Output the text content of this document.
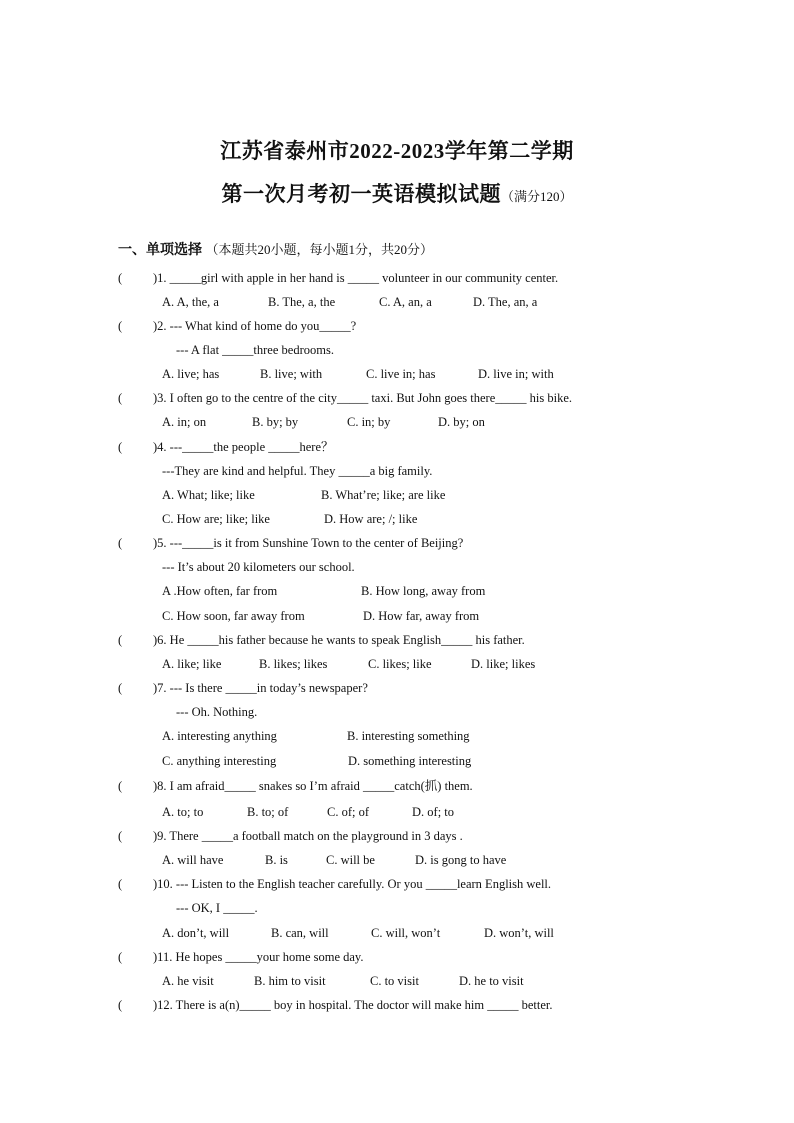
江苏省泰州市2022-2023学年第二学期
第一次月考初一英语模拟试题（满分120）
一、单项选择 （本题共20小题，每小题1分，共20分）
( )1. _____girl with apple in her hand is _____ volunteer in our community center.
A. A, the, a	B. The, a, the	C. A, an, a	D. The, an, a
( )2. --- What kind of home do you_____?
--- A flat _____three bedrooms.
A. live; has	B. live; with	C. live in; has	D. live in; with
( )3. I often go to the centre of the city_____ taxi. But John goes there_____ his bike.
A. in; on	B. by; by	C. in; by	D. by; on
( )4. ---_____the people _____here？
---They are kind and helpful. They _____a big family.
A. What; like; like	B. What’re; like; are like
C. How are; like; like	D. How are; /; like
( )5. ---_____is it from Sunshine Town to the center of Beijing?
--- It’s about 20 kilometers our school.
A .How often, far from	B. How long, away from
C. How soon, far away from	D. How far, away from
( )6. He _____his father because he wants to speak English_____ his father.
A. like; like	B. likes; likes	C. likes; like	D. like; likes
( )7. --- Is there _____in today’s newspaper?
--- Oh. Nothing.
A. interesting anything	B. interesting something
C. anything interesting	D. something interesting
( )8. I am afraid_____ snakes so I’m afraid _____catch(抓) them.
A. to; to	B. to; of	C. of; of	D. of; to
( )9. There _____a football match on the playground in 3 days .
A. will have	B. is	C. will be	D. is gong to have
( )10. --- Listen to the English teacher carefully. Or you _____learn English well.
--- OK, I _____.
A. don’t, will	B. can, will	C. will, won’t	D. won’t, will
( )11. He hopes _____your home some day.
A. he visit	B. him to visit	C. to visit	D. he to visit
( )12. There is a(n)_____ boy in hospital. The doctor will make him _____ better.
